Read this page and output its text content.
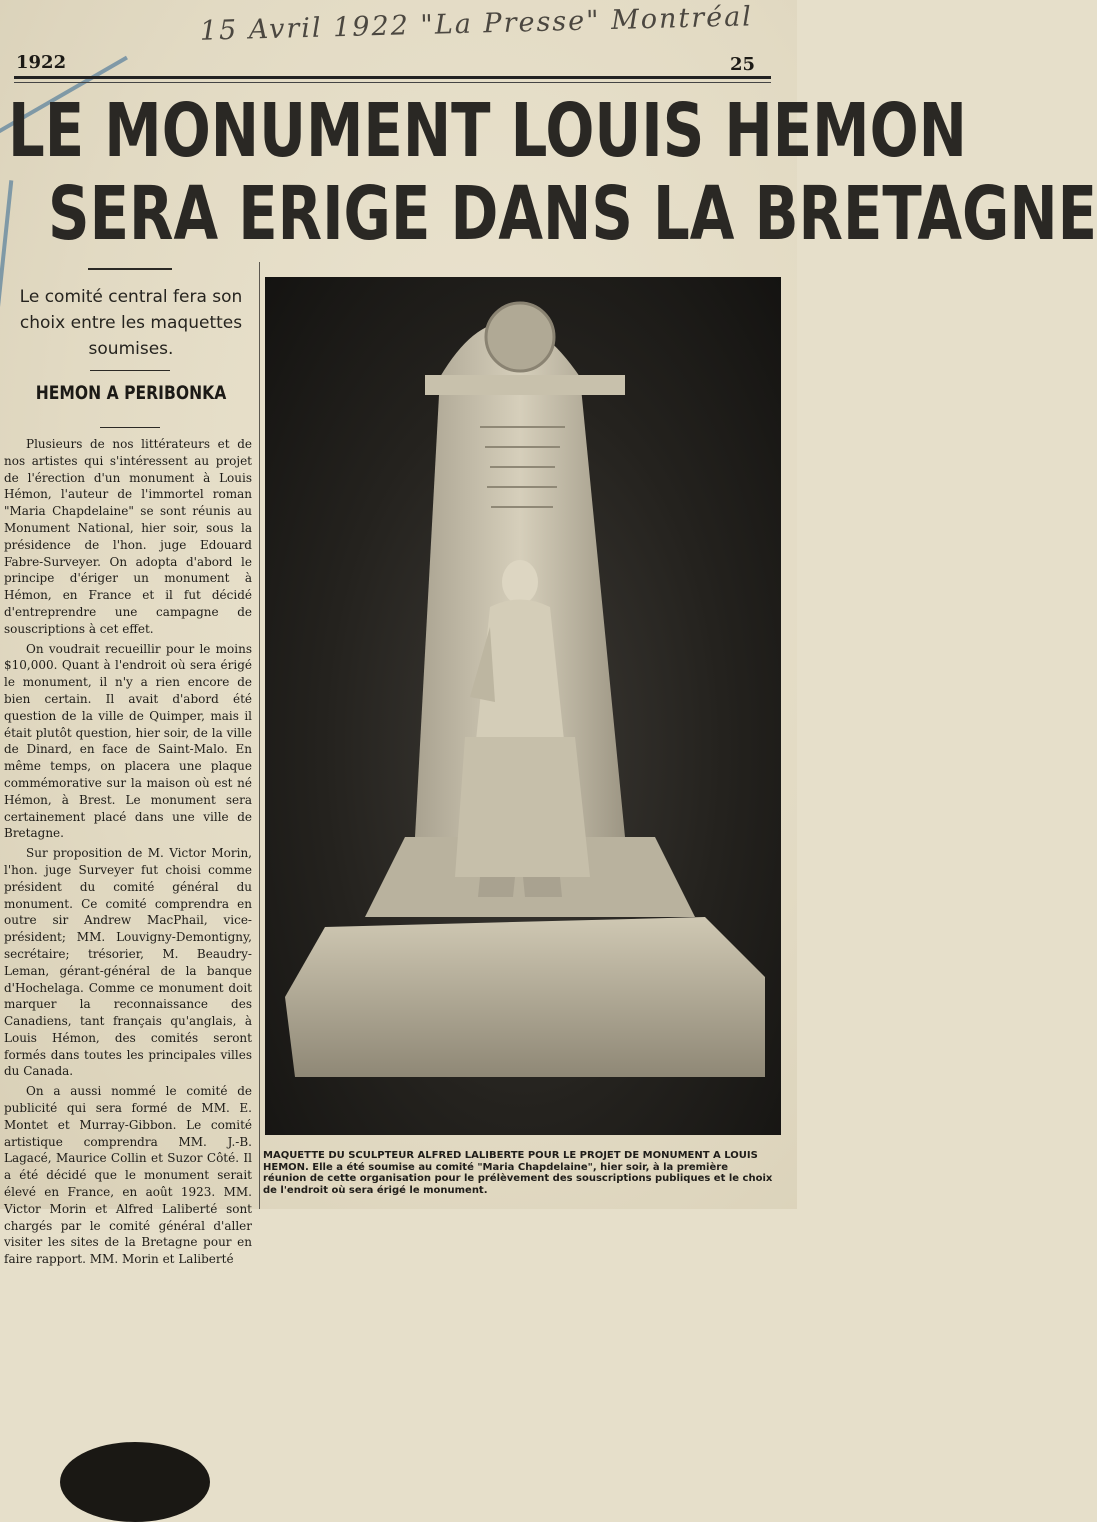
15 Avril 1922 "La Presse" Montréal
1922	25
LE MONUMENT LOUIS HEMON
SERA ERIGE DANS LA BRETAGNE
Le comité central fera son choix entre les maquettes soumises.
HEMON A PERIBONKA

Plusieurs de nos littérateurs et de nos artistes qui s'intéressent au projet de l'érection d'un monument à Louis Hémon, l'auteur de l'immortel roman "Maria Chapdelaine" se sont réunis au Monument National, hier soir, sous la présidence de l'hon. juge Edouard Fabre-Surveyer. On adopta d'abord le principe d'ériger un monument à Hémon, en France et il fut décidé d'entreprendre une campagne de souscriptions à cet effet.

On voudrait recueillir pour le moins $10,000. Quant à l'endroit où sera érigé le monument, il n'y a rien encore de bien certain. Il avait d'abord été question de la ville de Quimper, mais il était plutôt question, hier soir, de la ville de Dinard, en face de Saint-Malo. En même temps, on placera une plaque commémorative sur la maison où est né Hémon, à Brest. Le monument sera certainement placé dans une ville de Bretagne.

Sur proposition de M. Victor Morin, l'hon. juge Surveyer fut choisi comme président du comité général du monument. Ce comité comprendra en outre sir Andrew MacPhail, vice-président; MM. Louvigny-Demontigny, secrétaire; trésorier, M. Beaudry-Leman, gérant-général de la banque d'Hochelaga. Comme ce monument doit marquer la reconnaissance des Canadiens, tant français qu'anglais, à Louis Hémon, des comités seront formés dans toutes les principales villes du Canada.

On a aussi nommé le comité de publicité qui sera formé de MM. E. Montet et Murray-Gibbon. Le comité artistique comprendra MM. J.-B. Lagacé, Maurice Collin et Suzor Côté. Il a été décidé que le monument serait élevé en France, en août 1923. MM. Victor Morin et Alfred Laliberté sont chargés par le comité général d'aller visiter les sites de la Bretagne pour en faire rapport. MM. Morin et Laliberté

MAQUETTE DU SCULPTEUR ALFRED LALIBERTE POUR LE PROJET DE MONUMENT A LOUIS HEMON. Elle a été soumise au comité "Maria Chapdelaine", hier soir, à la première réunion de cette organisation pour le prélèvement des souscriptions publiques et le choix de l'endroit où sera érigé le monument.
